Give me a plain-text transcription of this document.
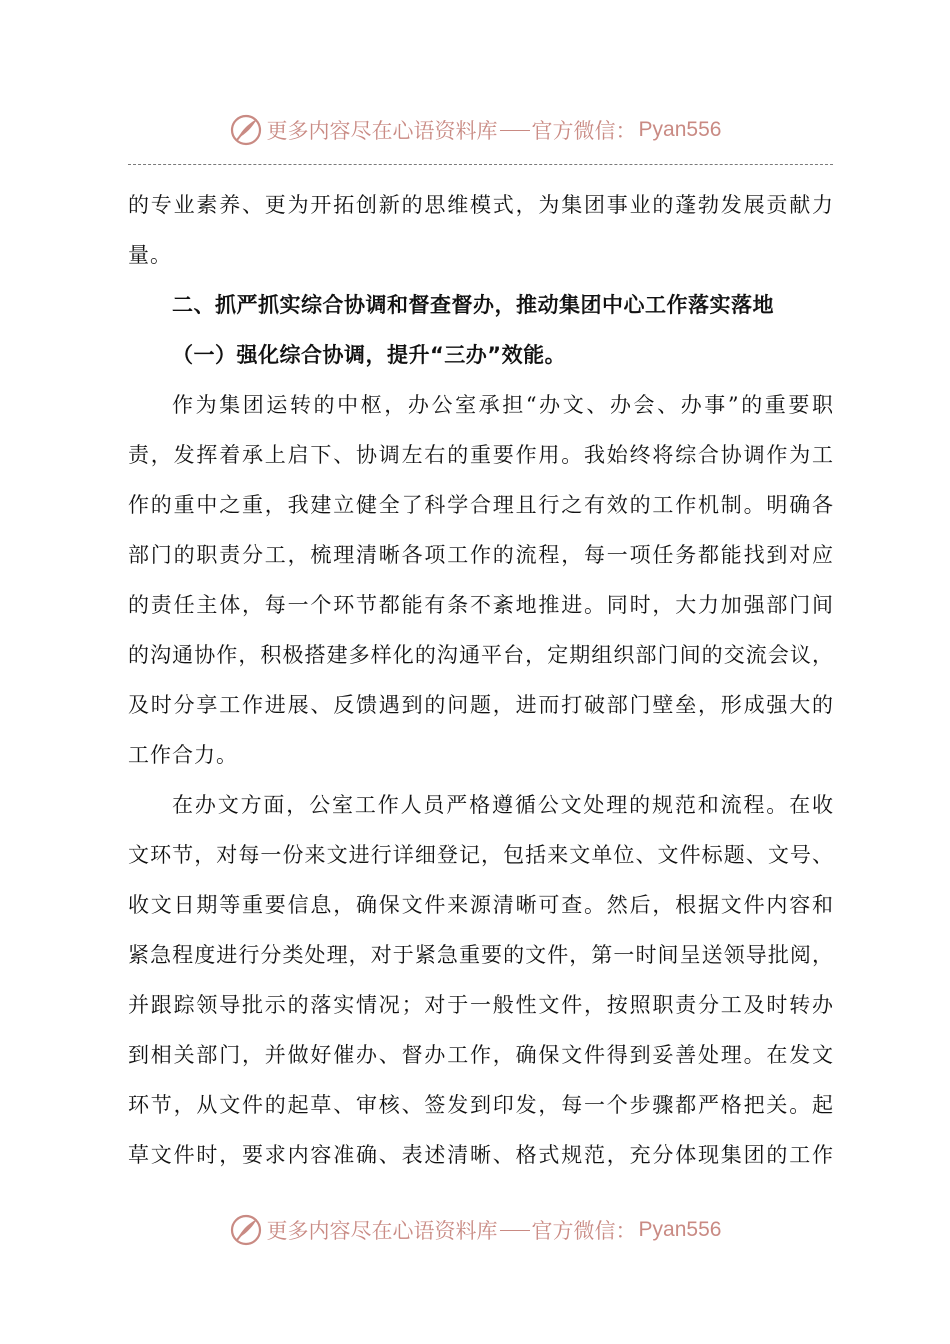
更多内容尽在心语资料库 官方微信： Pyan556
的专业素养、更为开拓创新的思维模式，为集团事业的蓬勃发展贡献力
量。
二、抓严抓实综合协调和督查督办，推动集团中心工作落实落地
（一）强化综合协调，提升“三办”效能。
作为集团运转的中枢，办公室承担“办文、办会、办事”的重要职
责，发挥着承上启下、协调左右的重要作用。我始终将综合协调作为工
作的重中之重，我建立健全了科学合理且行之有效的工作机制。明确各
部门的职责分工，梳理清晰各项工作的流程，每一项任务都能找到对应
的责任主体，每一个环节都能有条不紊地推进。同时，大力加强部门间
的沟通协作，积极搭建多样化的沟通平台，定期组织部门间的交流会议，
及时分享工作进展、反馈遇到的问题，进而打破部门壁垒，形成强大的
工作合力。
在办文方面，公室工作人员严格遵循公文处理的规范和流程。在收
文环节，对每一份来文进行详细登记，包括来文单位、文件标题、文号、
收文日期等重要信息，确保文件来源清晰可查。然后，根据文件内容和
紧急程度进行分类处理，对于紧急重要的文件，第一时间呈送领导批阅，
并跟踪领导批示的落实情况；对于一般性文件，按照职责分工及时转办
到相关部门，并做好催办、督办工作，确保文件得到妥善处理。在发文
环节，从文件的起草、审核、签发到印发，每一个步骤都严格把关。起
草文件时，要求内容准确、表述清晰、格式规范，充分体现集团的工作
更多内容尽在心语资料库 官方微信： Pyan556
